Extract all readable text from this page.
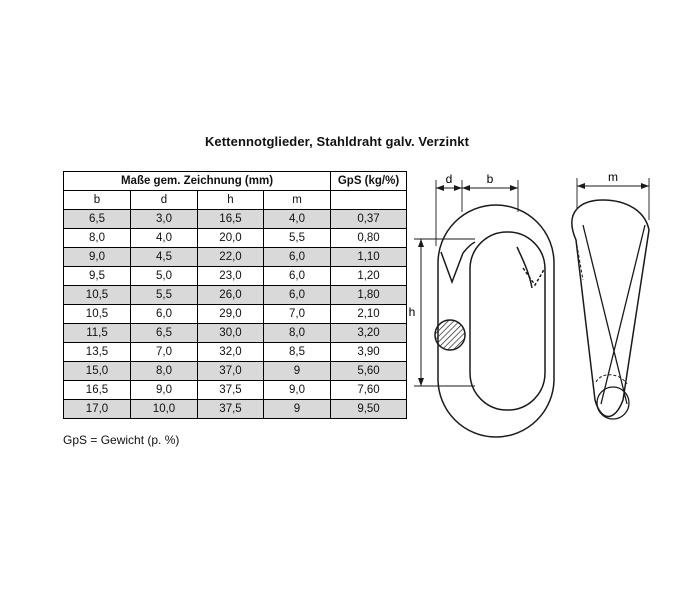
Kettennotglieder, Stahldraht galv. Verzinkt
Maße gem. Zeichnung (mm)				GpS (kg/%)
b	d	h	m	
6,5	3,0	16,5	4,0	0,37
8,0	4,0	20,0	5,5	0,80
9,0	4,5	22,0	6,0	1,10
9,5	5,0	23,0	6,0	1,20
10,5	5,5	26,0	6,0	1,80
10,5	6,0	29,0	7,0	2,10
11,5	6,5	30,0	8,0	3,20
13,5	7,0	32,0	8,5	3,90
15,0	8,0	37,0	9	5,60
16,5	9,0	37,5	9,0	7,60
17,0	10,0	37,5	9	9,50
GpS = Gewicht (p. %)
d	b
h
m
